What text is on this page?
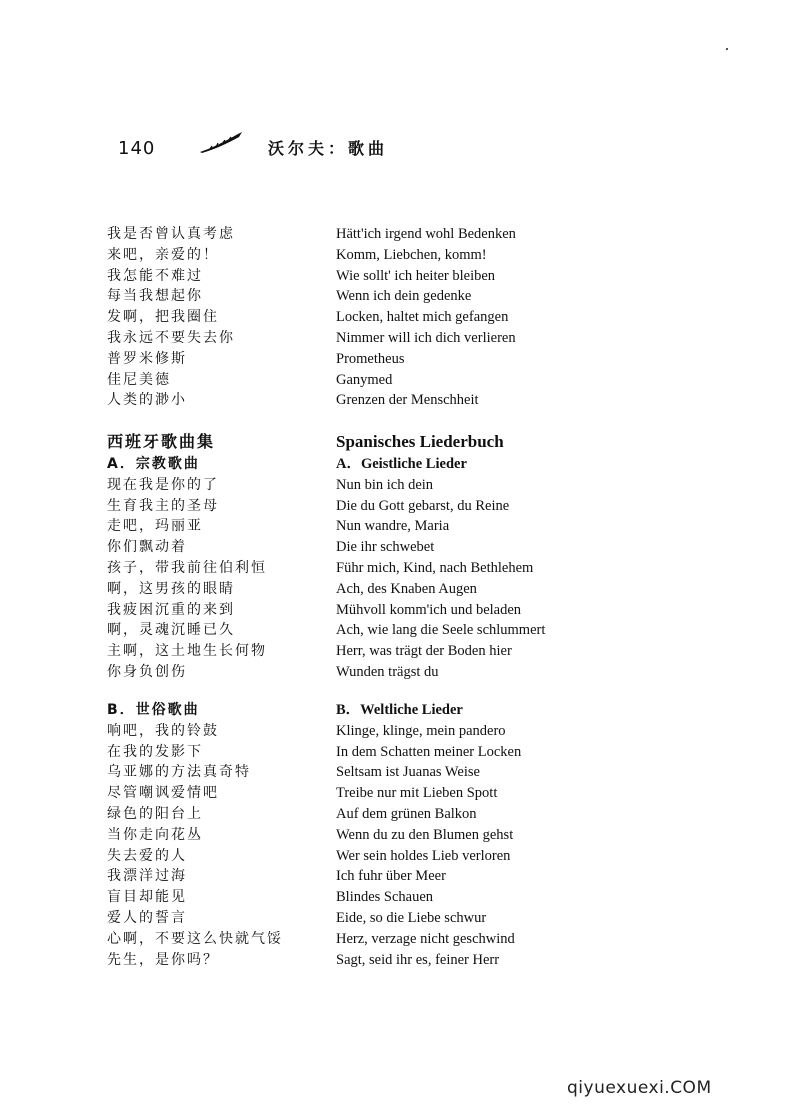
140	沃尔夫：歌曲
我是否曾认真考虑
来吧，亲爱的！
我怎能不难过
每当我想起你
发啊，把我圈住
我永远不要失去你
普罗米修斯
佳尼美德
人类的渺小
Hätt'ich irgend wohl Bedenken
Komm, Liebchen, komm!
Wie sollt' ich heiter bleiben
Wenn ich dein gedenke
Locken, haltet mich gefangen
Nimmer will ich dich verlieren
Prometheus
Ganymed
Grenzen der Menschheit
西班牙歌曲集
A．宗教歌曲
现在我是你的了
生育我主的圣母
走吧，玛丽亚
你们飘动着
孩子，带我前往伯利恒
啊，这男孩的眼睛
我疲困沉重的来到
啊，灵魂沉睡已久
主啊，这土地生长何物
你身负创伤
Spanisches Liederbuch
A．Geistliche Lieder
Nun bin ich dein
Die du Gott gebarst, du Reine
Nun wandre, Maria
Die ihr schwebet
Führ mich, Kind, nach Bethlehem
Ach, des Knaben Augen
Mühvoll komm'ich und beladen
Ach, wie lang die Seele schlummert
Herr, was trägt der Boden hier
Wunden trägst du
B．世俗歌曲
响吧，我的铃鼓
在我的发影下
乌亚娜的方法真奇特
尽管嘲讽爱情吧
绿色的阳台上
当你走向花丛
失去爱的人
我漂洋过海
盲目却能见
爱人的誓言
心啊，不要这么快就气馁
先生，是你吗？
B．Weltliche Lieder
Klinge, klinge, mein pandero
In dem Schatten meiner Locken
Seltsam ist Juanas Weise
Treibe nur mit Lieben Spott
Auf dem grünen Balkon
Wenn du zu den Blumen gehst
Wer sein holdes Lieb verloren
Ich fuhr über Meer
Blindes Schauen
Eide, so die Liebe schwur
Herz, verzage nicht geschwind
Sagt, seid ihr es, feiner Herr
qiyuexuexi.COM
